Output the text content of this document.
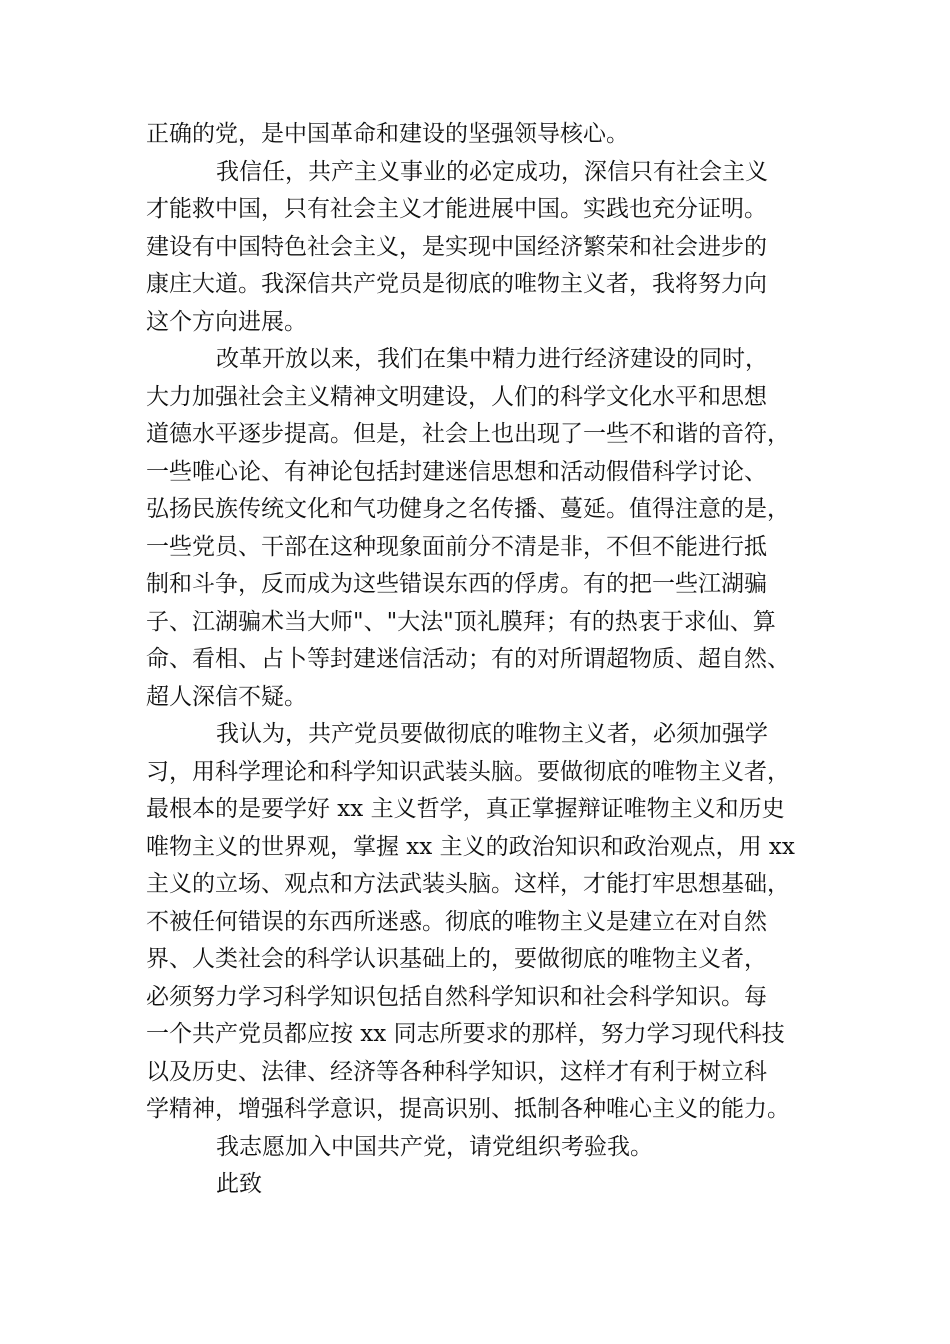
正确的党，是中国革命和建设的坚强领导核心。
我信任，共产主义事业的必定成功，深信只有社会主义
才能救中国，只有社会主义才能进展中国。实践也充分证明。
建设有中国特色社会主义，是实现中国经济繁荣和社会进步的
康庄大道。我深信共产党员是彻底的唯物主义者，我将努力向
这个方向进展。
改革开放以来，我们在集中精力进行经济建设的同时，
大力加强社会主义精神文明建设，人们的科学文化水平和思想
道德水平逐步提高。但是，社会上也出现了一些不和谐的音符，
一些唯心论、有神论包括封建迷信思想和活动假借科学讨论、
弘扬民族传统文化和气功健身之名传播、蔓延。值得注意的是，
一些党员、干部在这种现象面前分不清是非，不但不能进行抵
制和斗争，反而成为这些错误东西的俘虏。有的把一些江湖骗
子、江湖骗术当大师"、"大法"顶礼膜拜；有的热衷于求仙、算
命、看相、占卜等封建迷信活动；有的对所谓超物质、超自然、
超人深信不疑。
我认为，共产党员要做彻底的唯物主义者，必须加强学
习，用科学理论和科学知识武装头脑。要做彻底的唯物主义者，
最根本的是要学好 xx 主义哲学，真正掌握辩证唯物主义和历史
唯物主义的世界观，掌握 xx 主义的政治知识和政治观点，用 xx
主义的立场、观点和方法武装头脑。这样，才能打牢思想基础，
不被任何错误的东西所迷惑。彻底的唯物主义是建立在对自然
界、人类社会的科学认识基础上的，要做彻底的唯物主义者，
必须努力学习科学知识包括自然科学知识和社会科学知识。每
一个共产党员都应按 xx 同志所要求的那样，努力学习现代科技
以及历史、法律、经济等各种科学知识，这样才有利于树立科
学精神，增强科学意识，提高识别、抵制各种唯心主义的能力。
我志愿加入中国共产党，请党组织考验我。
此致
